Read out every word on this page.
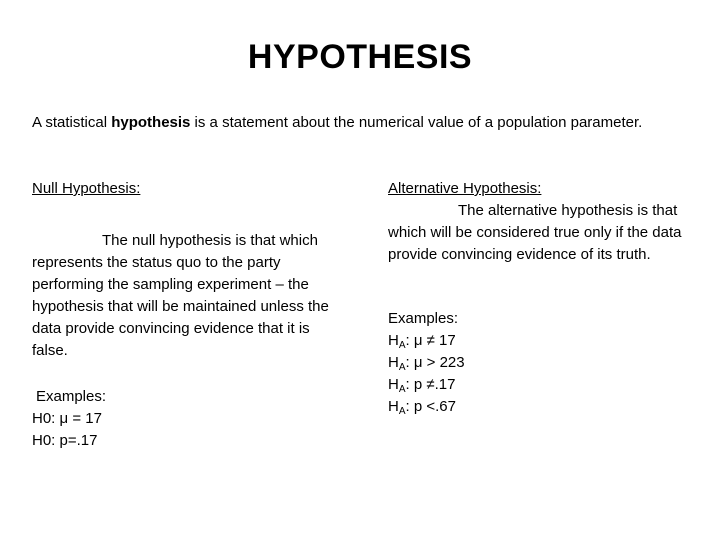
HYPOTHESIS
A statistical hypothesis is a statement about the numerical value of a population parameter.
Null Hypothesis:
The null hypothesis is that which represents the status quo to the party performing the sampling experiment – the hypothesis that will be maintained unless the data provide convincing evidence that it is false.
Examples:
H0: μ = 17
H0: p=.17
Alternative Hypothesis:
The alternative hypothesis is that which will be considered true only if the data provide convincing evidence of its truth.
Examples:
$H_A$: μ ≠ 17
$H_A$: μ > 223
$H_A$: p ≠.17
$H_A$: p <.67
